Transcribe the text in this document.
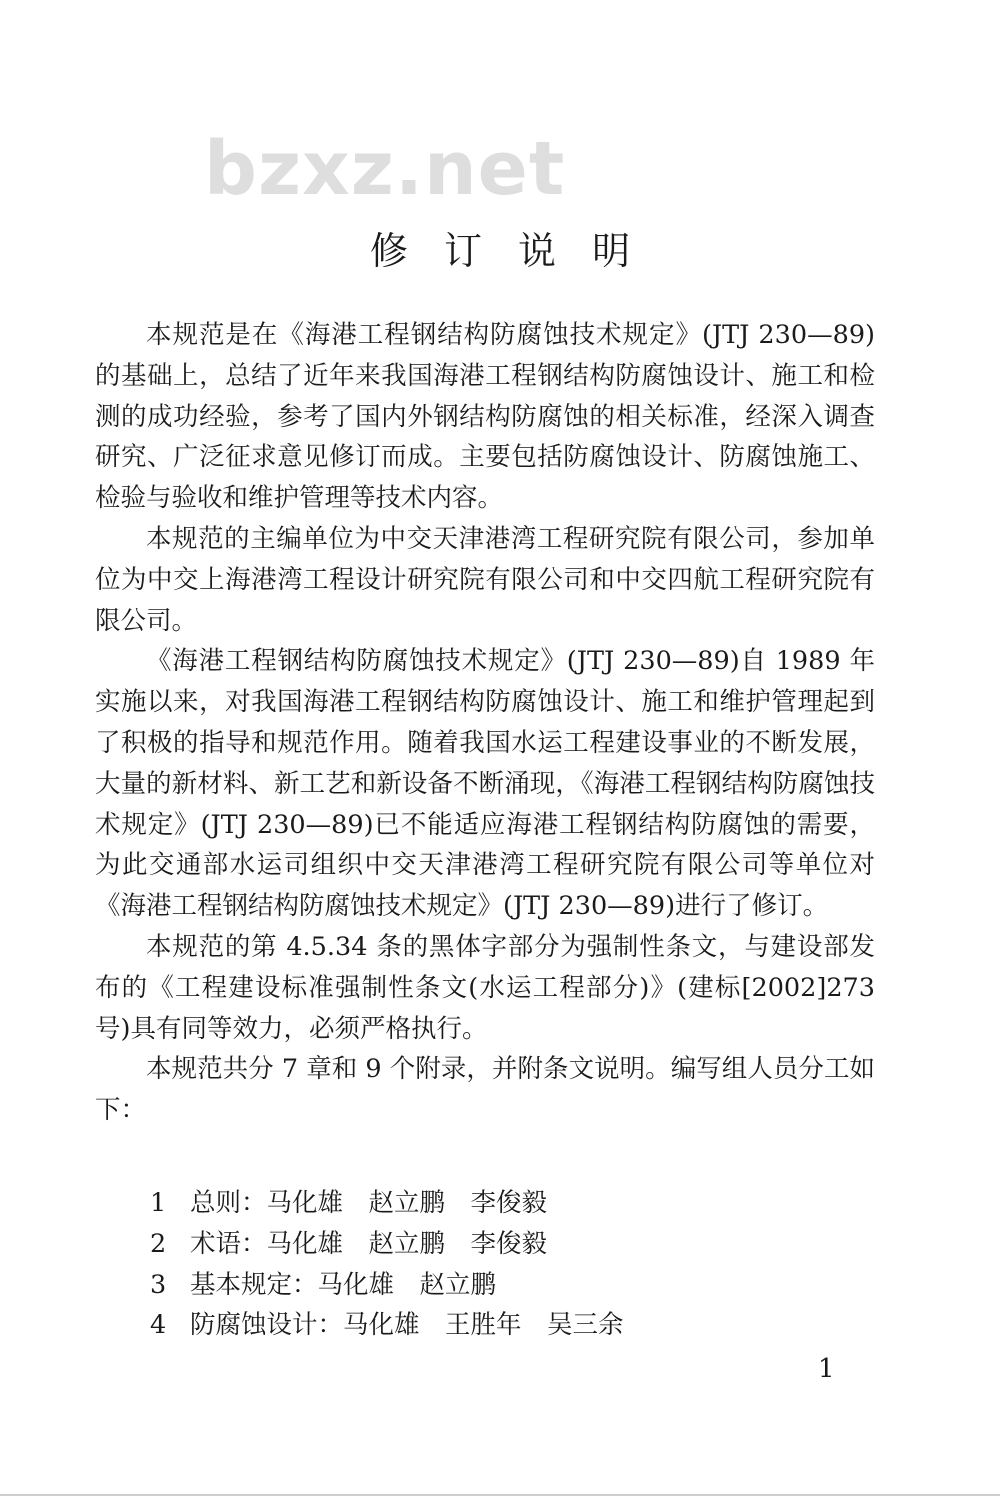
bzxz.net
修 订 说 明

本规范是在《海港工程钢结构防腐蚀技术规定》(JTJ 230—89)的基础上，总结了近年来我国海港工程钢结构防腐蚀设计、施工和检测的成功经验，参考了国内外钢结构防腐蚀的相关标准，经深入调查研究、广泛征求意见修订而成。主要包括防腐蚀设计、防腐蚀施工、检验与验收和维护管理等技术内容。

本规范的主编单位为中交天津港湾工程研究院有限公司，参加单位为中交上海港湾工程设计研究院有限公司和中交四航工程研究院有限公司。

《海港工程钢结构防腐蚀技术规定》(JTJ 230—89)自 1989 年实施以来，对我国海港工程钢结构防腐蚀设计、施工和维护管理起到了积极的指导和规范作用。随着我国水运工程建设事业的不断发展，大量的新材料、新工艺和新设备不断涌现，《海港工程钢结构防腐蚀技术规定》(JTJ 230—89)已不能适应海港工程钢结构防腐蚀的需要，为此交通部水运司组织中交天津港湾工程研究院有限公司等单位对《海港工程钢结构防腐蚀技术规定》(JTJ 230—89)进行了修订。

本规范的第 4.5.34 条的黑体字部分为强制性条文，与建设部发布的《工程建设标准强制性条文(水运工程部分)》(建标[2002]273 号)具有同等效力，必须严格执行。

本规范共分 7 章和 9 个附录，并附条文说明。编写组人员分工如下：

1 总则：马化雄　赵立鹏　李俊毅
2 术语：马化雄　赵立鹏　李俊毅
3 基本规定：马化雄　赵立鹏
4 防腐蚀设计：马化雄　王胜年　吴三余
1
